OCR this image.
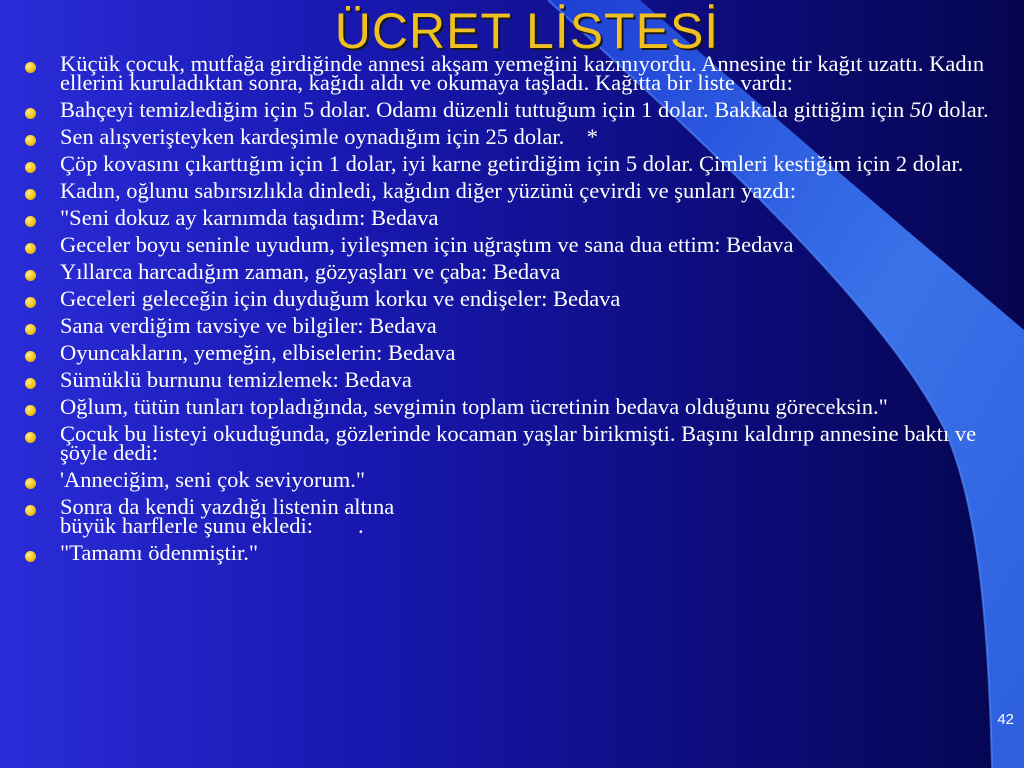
ÜCRET LİSTESİ
Küçük çocuk, mutfağa girdiğinde annesi akşam yemeğini kazınıyordu. Annesine tir kağıt uzattı. Kadın ellerini kuruladıktan sonra, kağıdı aldı ve okumaya taşladı. Kağıtta bir liste vardı:
Bahçeyi temizlediğim için 5 dolar. Odamı düzenli tuttuğum için 1 dolar. Bakkala gittiğim için 50 dolar.
Sen alışverişteyken kardeşimle oynadığım için 25 dolar.    *
Çöp kovasını çıkarttığım için 1 dolar, iyi karne getirdiğim için 5 dolar. Çimleri kestiğim için 2 dolar.
Kadın, oğlunu sabırsızlıkla dinledi, kağıdın diğer yüzünü çevirdi ve şunları yazdı:
"Seni dokuz ay karnımda taşıdım: Bedava
Geceler boyu seninle uyudum, iyileşmen için uğraştım ve sana dua ettim: Bedava
Yıllarca harcadığım zaman, gözyaşları ve çaba: Bedava
Geceleri geleceğin için duyduğum korku ve endişeler: Bedava
Sana verdiğim tavsiye ve bilgiler: Bedava
Oyuncakların, yemeğin, elbiselerin: Bedava
Sümüklü burnunu temizlemek: Bedava
Oğlum, tütün tunları topladığında, sevgimin toplam ücretinin bedava olduğunu göreceksin."
Çocuk bu listeyi okuduğunda, gözlerinde kocaman yaşlar birikmişti. Başını kaldırıp annesine baktı ve şöyle dedi:
'Anneciğim, seni çok seviyorum."
Sonra da kendi yazdığı listenin altına
büyük harflerle şunu ekledi:        .
"Tamamı ödenmiştir."
42
